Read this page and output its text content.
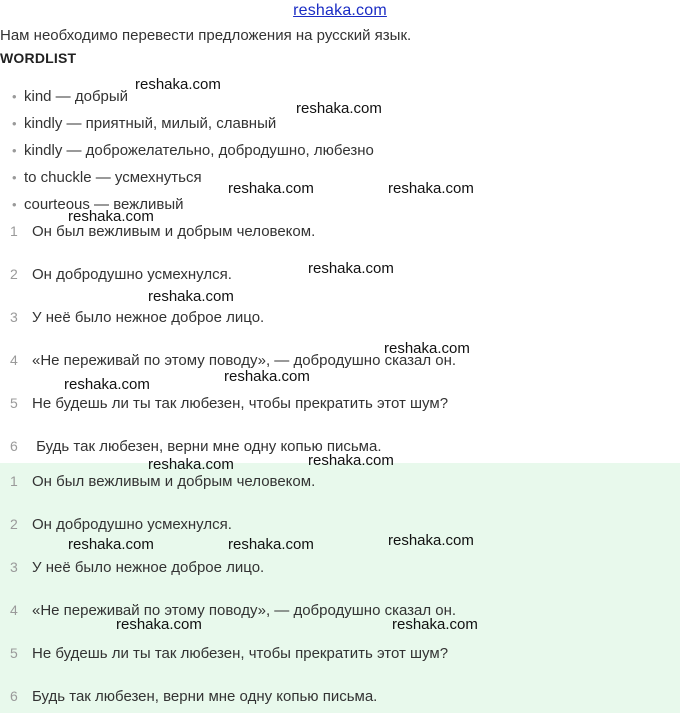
reshaka.com
Нам необходимо перевести предложения на русский язык.
WORDLIST
• kind — добрый
• kindly — приятный, милый, славный
• kindly — доброжелательно, добродушно, любезно
• to chuckle — усмехнуться
• courteous — вежливый
1 Он был вежливым и добрым человеком.
2 Он добродушно усмехнулся.
3 У неё было нежное доброе лицо.
4 «Не переживай по этому поводу», — добродушно сказал он.
5 Не будешь ли ты так любезен, чтобы прекратить этот шум?
6 Будь так любезен, верни мне одну копью письма.
1 Он был вежливым и добрым человеком.
2 Он добродушно усмехнулся.
3 У неё было нежное доброе лицо.
4 «Не переживай по этому поводу», — добродушно сказал он.
5 Не будешь ли ты так любезен, чтобы прекратить этот шум?
6 Будь так любезен, верни мне одну копью письма.
reshaka.com
reshaka.com
reshaka.com	reshaka.com
reshaka.com
reshaka.com
reshaka.com
reshaka.com
reshaka.com
reshaka.com
reshaka.com	reshaka.com
reshaka.com	reshaka.com	reshaka.com
reshaka.com	reshaka.com
